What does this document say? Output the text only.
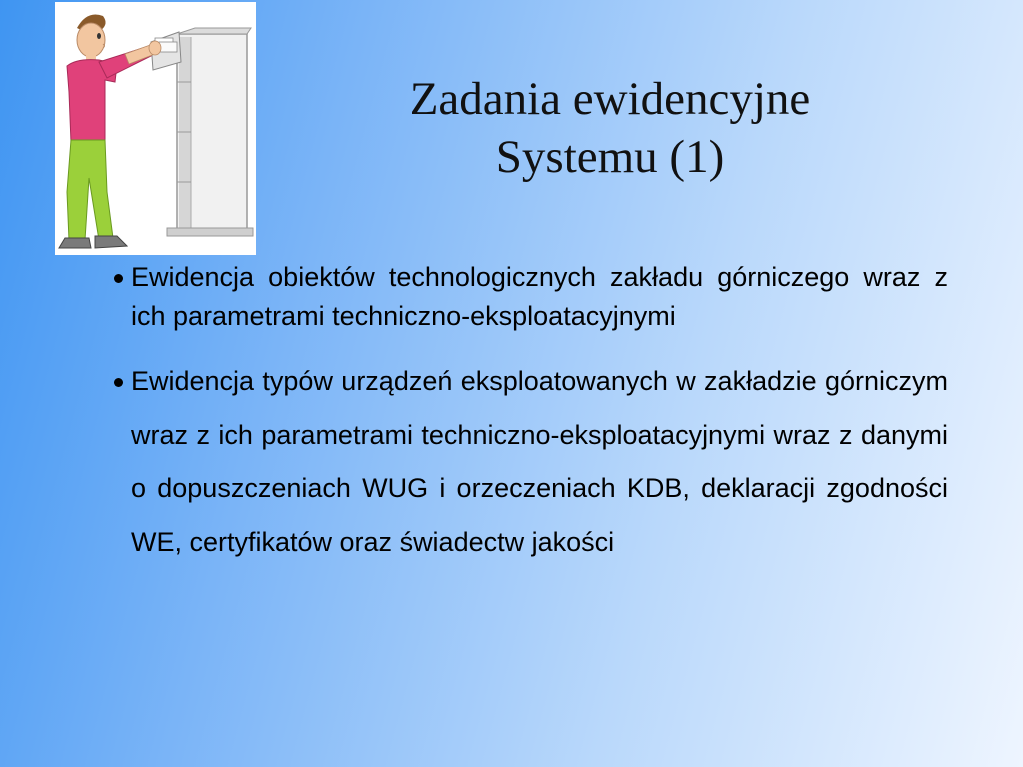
Zadania ewidencyjne
Systemu (1)
Ewidencja obiektów technologicznych zakładu górniczego wraz z ich parametrami techniczno-eksploatacyjnymi
Ewidencja typów urządzeń eksploatowanych w zakładzie górniczym wraz z ich parametrami techniczno-eksploatacyjnymi wraz z danymi o dopuszczeniach WUG i orzeczeniach KDB, deklaracji zgodności WE, certyfikatów oraz świadectw jakości
